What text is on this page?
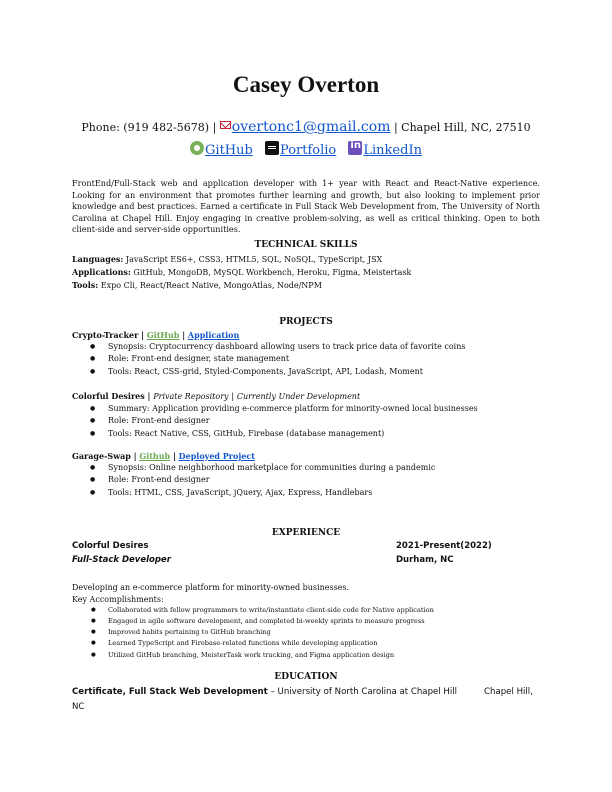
Casey Overton
Phone: (919 482-5678) | overtonc1@gmail.com | Chapel Hill, NC, 27510
GitHub Portfolio in LinkedIn
FrontEnd/Full-Stack web and application developer with 1+ year with React and React-Native experience. Looking for an environment that promotes further learning and growth, but also looking to implement prior knowledge and best practices. Earned a certificate in Full Stack Web Development from, The University of North Carolina at Chapel Hill. Enjoy engaging in creative problem-solving, as well as critical thinking. Open to both client-side and server-side opportunities.
TECHNICAL SKILLS
Languages: JavaScript ES6+, CSS3, HTML5, SQL, NoSQL, TypeScript, JSX
Applications: GitHub, MongoDB, MySQL Workbench, Heroku, Figma, Meistertask
Tools: Expo Cli, React/React Native, MongoAtlas, Node/NPM
PROJECTS
Crypto-Tracker | GitHub | Application
● Synopsis: Cryptocurrency dashboard allowing users to track price data of favorite coins
● Role: Front-end designer, state management
● Tools: React, CSS-grid, Styled-Components, JavaScript, API, Lodash, Moment
Colorful Desires | Private Repository | Currently Under Development
● Summary: Application providing e-commerce platform for minority-owned local businesses
● Role: Front-end designer
● Tools: React Native, CSS, GitHub, Firebase (database management)
Garage-Swap | Github | Deployed Project
● Synopsis: Online neighborhood marketplace for communities during a pandemic
● Role: Front-end designer
● Tools: HTML, CSS, JavaScript, jQuery, Ajax, Express, Handlebars
EXPERIENCE
Colorful Desires	2021-Present(2022)
Full-Stack Developer	Durham, NC
Developing an e-commerce platform for minority-owned businesses.
Key Accomplishments:
● Collaborated with fellow programmers to write/instantiate client-side code for Native application
● Engaged in agile software development, and completed bi-weekly sprints to measure progress
● Improved habits pertaining to GitHub branching
● Learned TypeScript and Firebase-related functions while developing application
● Utilized GitHub branching, MeisterTask work tracking, and Figma application design
EDUCATION
Certificate, Full Stack Web Development – University of North Carolina at Chapel Hill	Chapel Hill,
NC
